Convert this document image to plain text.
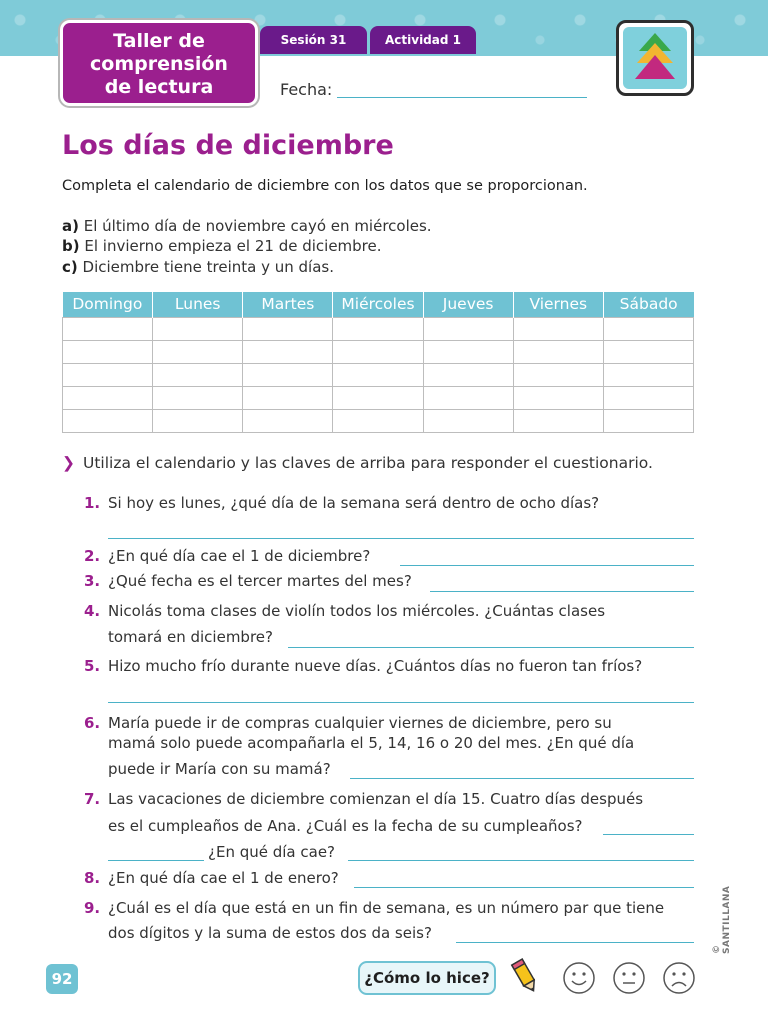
Taller de
comprensión
de lectura
Sesión 31	Actividad 1
Fecha:
Los días de diciembre
Completa el calendario de diciembre con los datos que se proporcionan.
a) El último día de noviembre cayó en miércoles.
b) El invierno empieza el 21 de diciembre.
c) Diciembre tiene treinta y un días.
Domingo	Lunes	Martes	Miércoles	Jueves	Viernes	Sábado

❯ Utiliza el calendario y las claves de arriba para responder el cuestionario.
1. Si hoy es lunes, ¿qué día de la semana será dentro de ocho días?
2. ¿En qué día cae el 1 de diciembre?
3. ¿Qué fecha es el tercer martes del mes?
4. Nicolás toma clases de violín todos los miércoles. ¿Cuántas clases
tomará en diciembre?
5. Hizo mucho frío durante nueve días. ¿Cuántos días no fueron tan fríos?
6. María puede ir de compras cualquier viernes de diciembre, pero su
mamá solo puede acompañarla el 5, 14, 16 o 20 del mes. ¿En qué día
puede ir María con su mamá?
7. Las vacaciones de diciembre comienzan el día 15. Cuatro días después
es el cumpleaños de Ana. ¿Cuál es la fecha de su cumpleaños?
¿En qué día cae?
8. ¿En qué día cae el 1 de enero?
9. ¿Cuál es el día que está en un fin de semana, es un número par que tiene
dos dígitos y la suma de estos dos da seis?
© SANTILLANA
92	¿Cómo lo hice?
